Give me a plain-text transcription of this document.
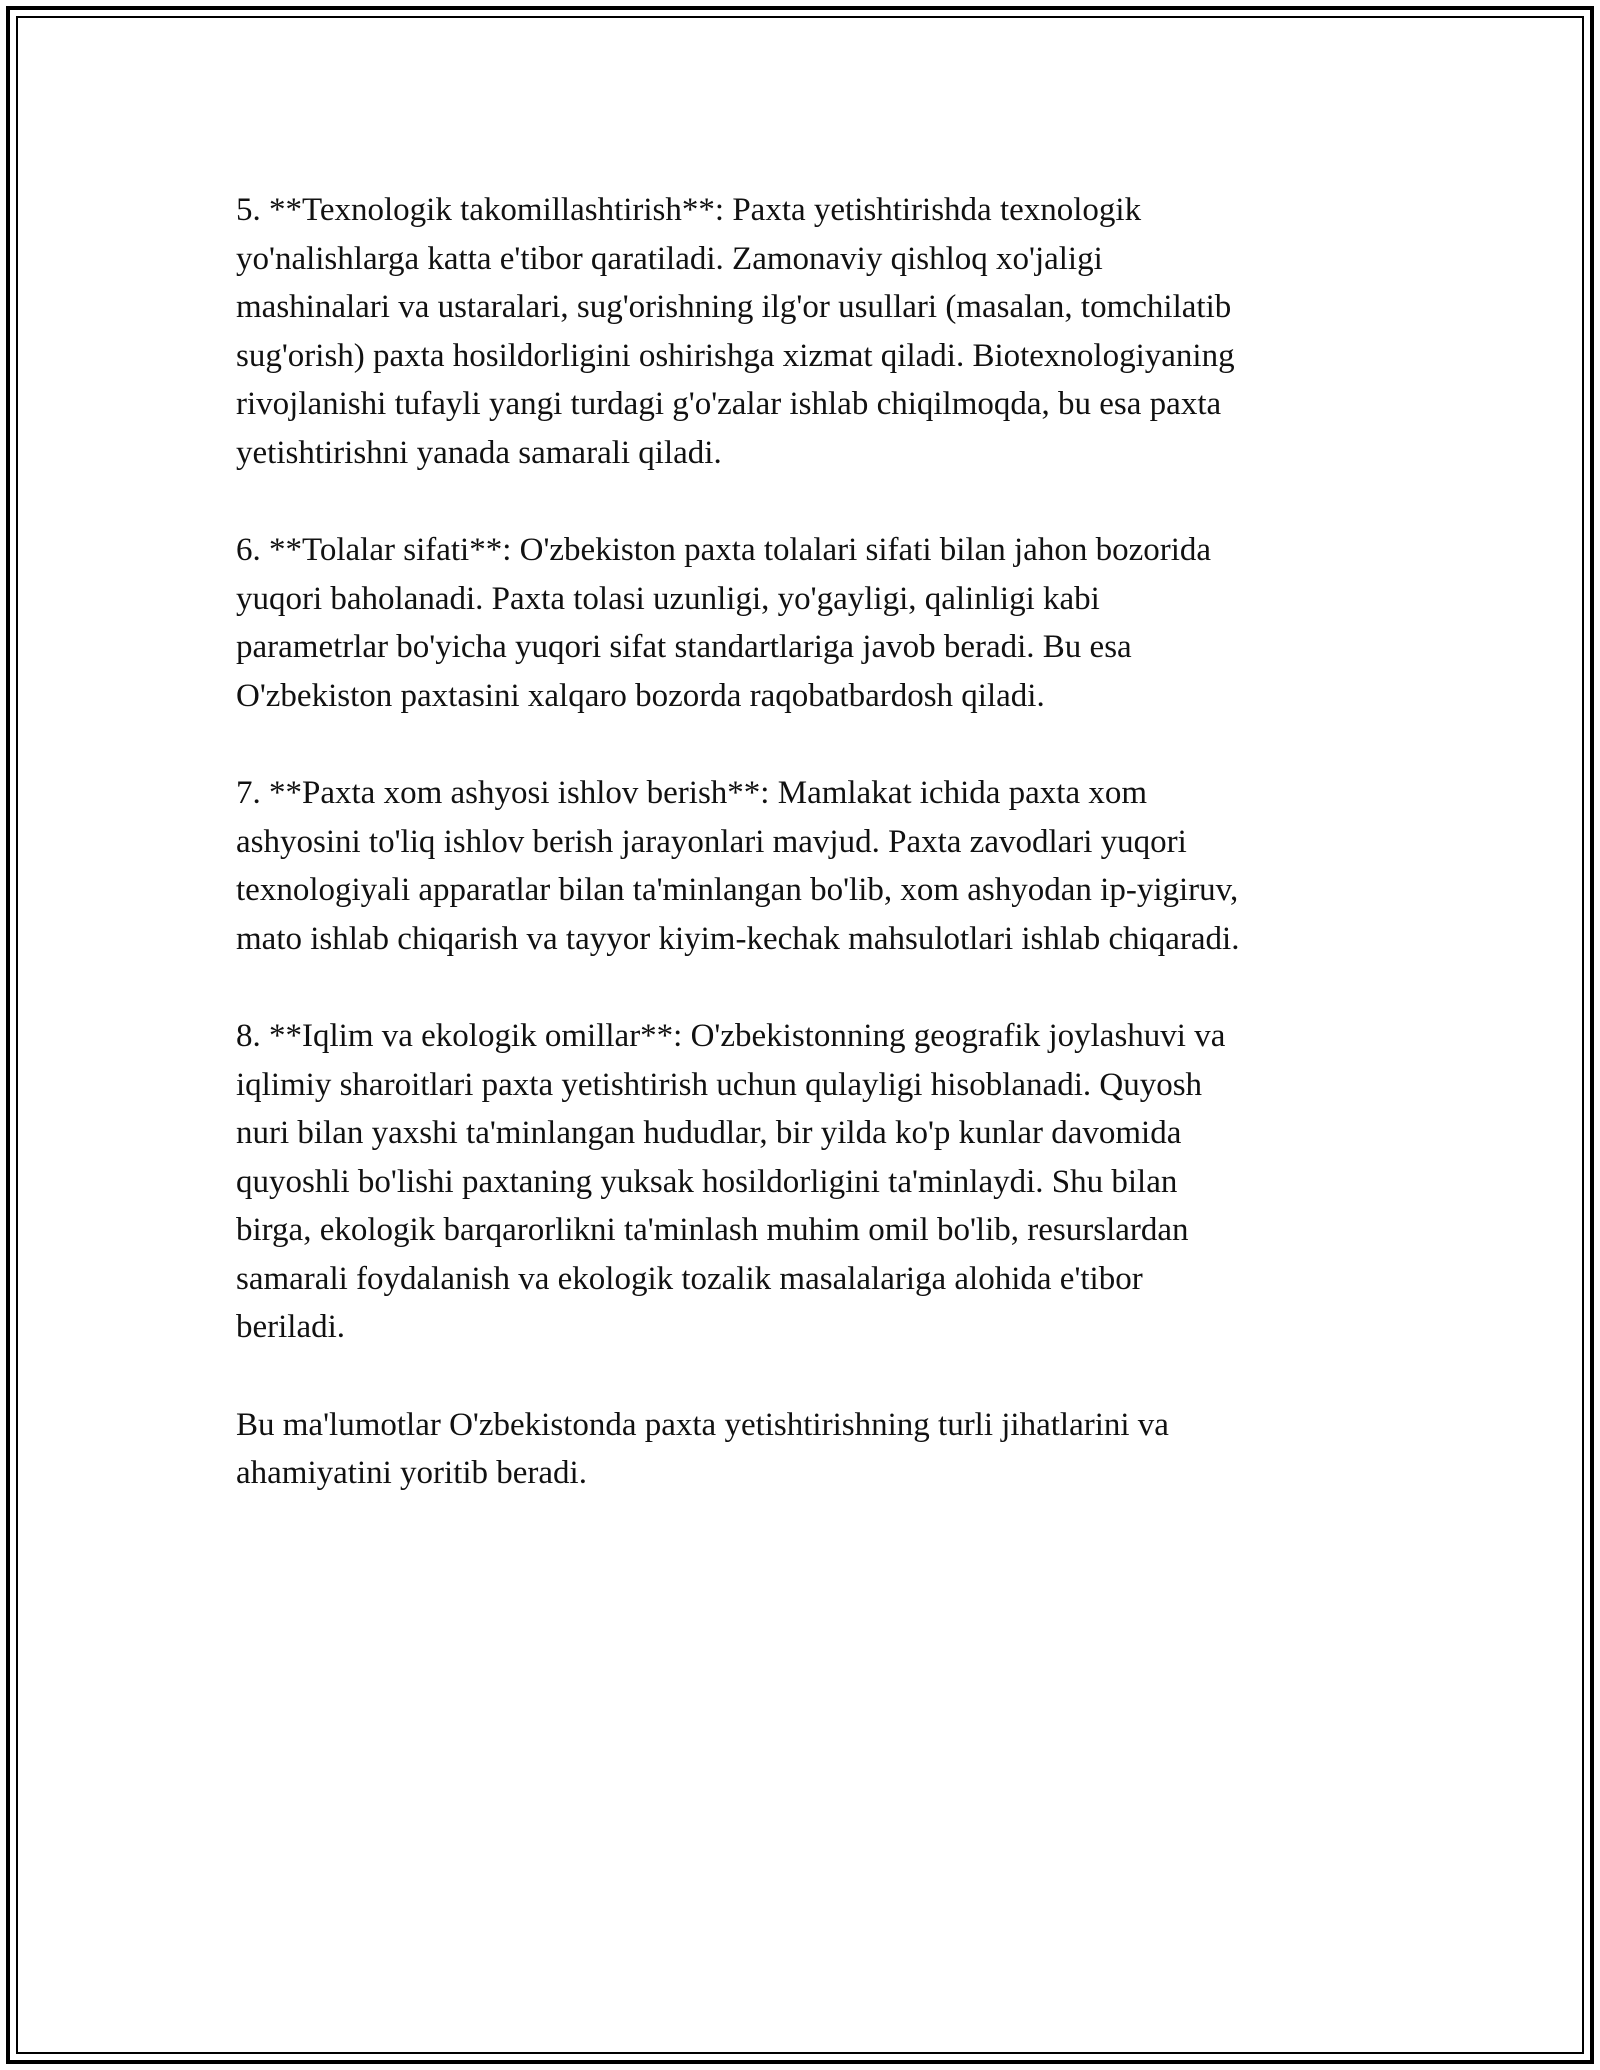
5. **Texnologik takomillashtirish**: Paxta yetishtirishda texnologik
yo'nalishlarga katta e'tibor qaratiladi. Zamonaviy qishloq xo'jaligi
mashinalari va ustaralari, sug'orishning ilg'or usullari (masalan, tomchilatib
sug'orish) paxta hosildorligini oshirishga xizmat qiladi. Biotexnologiyaning
rivojlanishi tufayli yangi turdagi g'o'zalar ishlab chiqilmoqda, bu esa paxta
yetishtirishni yanada samarali qiladi.

6. **Tolalar sifati**: O'zbekiston paxta tolalari sifati bilan jahon bozorida
yuqori baholanadi. Paxta tolasi uzunligi, yo'gayligi, qalinligi kabi
parametrlar bo'yicha yuqori sifat standartlariga javob beradi. Bu esa
O'zbekiston paxtasini xalqaro bozorda raqobatbardosh qiladi.

7. **Paxta xom ashyosi ishlov berish**: Mamlakat ichida paxta xom
ashyosini to'liq ishlov berish jarayonlari mavjud. Paxta zavodlari yuqori
texnologiyali apparatlar bilan ta'minlangan bo'lib, xom ashyodan ip-yigiruv,
mato ishlab chiqarish va tayyor kiyim-kechak mahsulotlari ishlab chiqaradi.

8. **Iqlim va ekologik omillar**: O'zbekistonning geografik joylashuvi va
iqlimiy sharoitlari paxta yetishtirish uchun qulayligi hisoblanadi. Quyosh
nuri bilan yaxshi ta'minlangan hududlar, bir yilda ko'p kunlar davomida
quyoshli bo'lishi paxtaning yuksak hosildorligini ta'minlaydi. Shu bilan
birga, ekologik barqarorlikni ta'minlash muhim omil bo'lib, resurslardan
samarali foydalanish va ekologik tozalik masalalariga alohida e'tibor
beriladi.

Bu ma'lumotlar O'zbekistonda paxta yetishtirishning turli jihatlarini va
ahamiyatini yoritib beradi.
